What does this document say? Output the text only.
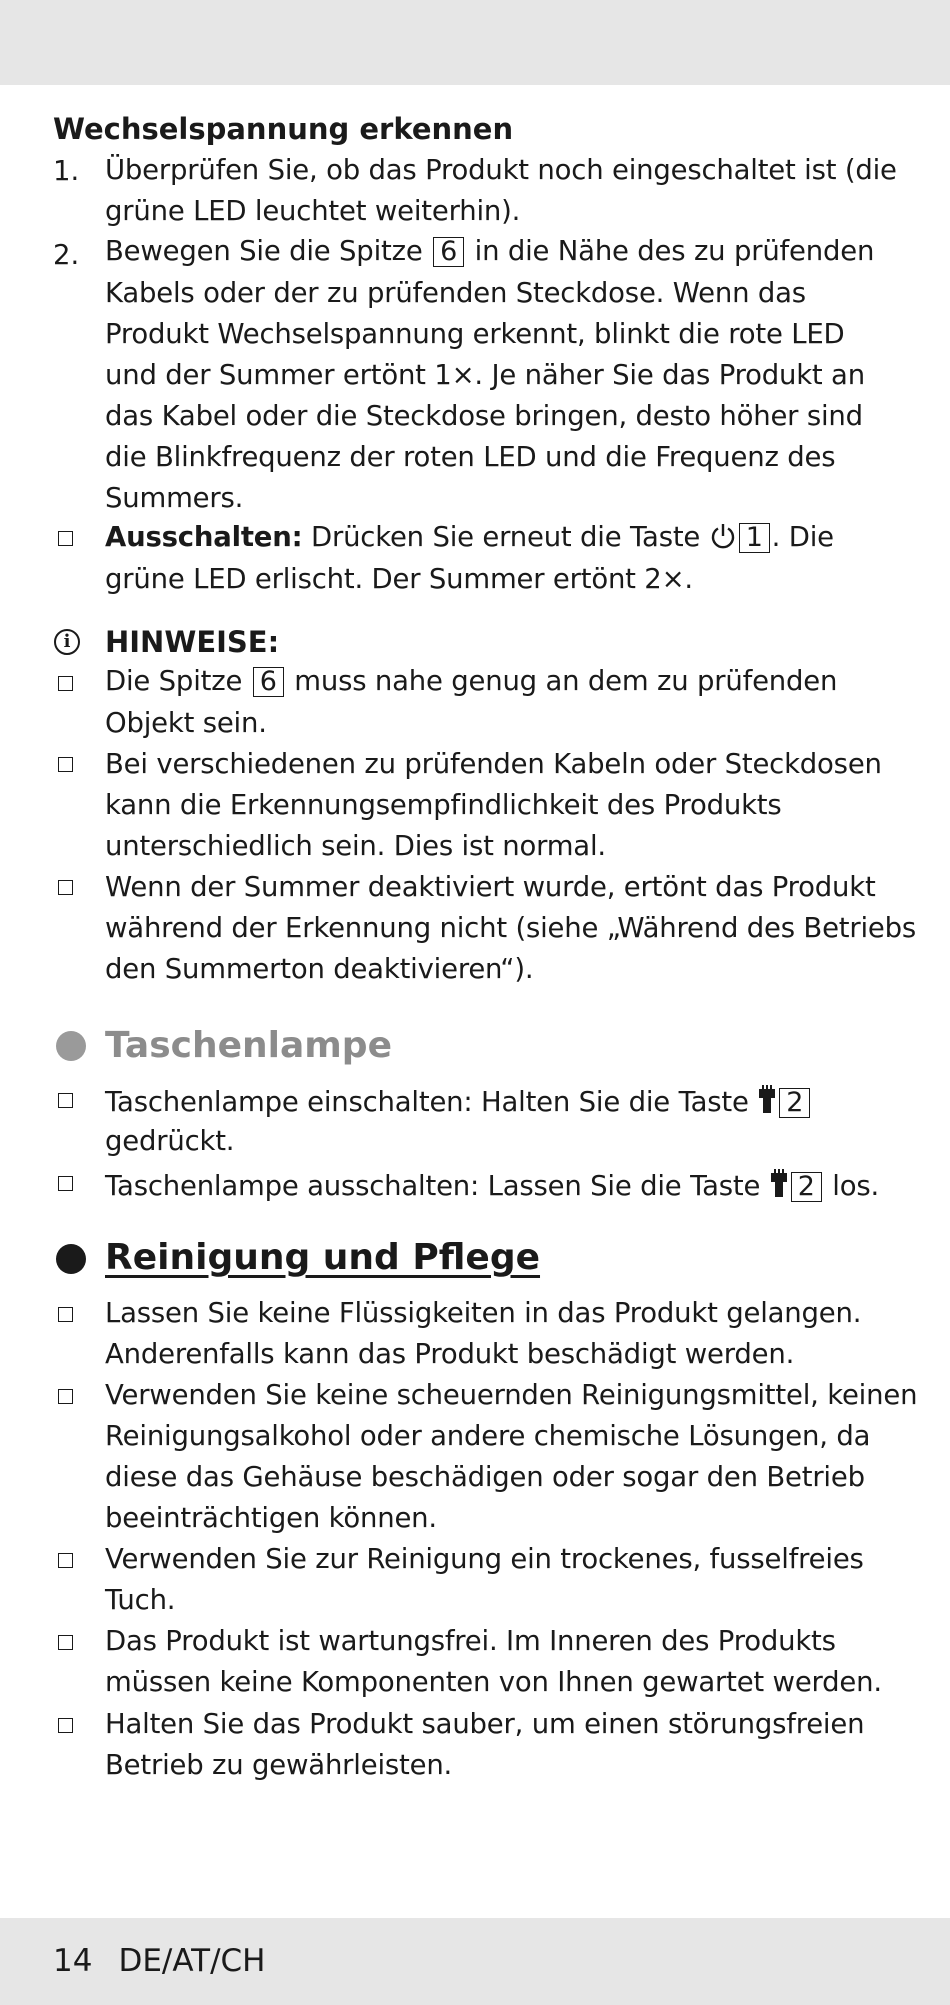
Wechselspannung erkennen
1. Überprüfen Sie, ob das Produkt noch eingeschaltet ist (die
grüne LED leuchtet weiterhin).
2. Bewegen Sie die Spitze 6 in die Nähe des zu prüfenden
Kabels oder der zu prüfenden Steckdose. Wenn das
Produkt Wechselspannung erkennt, blinkt die rote LED
und der Summer ertönt 1×. Je näher Sie das Produkt an
das Kabel oder die Steckdose bringen, desto höher sind
die Blinkfrequenz der roten LED und die Frequenz des
Summers.
Ausschalten: Drücken Sie erneut die Taste 1 . Die
grüne LED erlischt. Der Summer ertönt 2×.
i	HINWEISE:
Die Spitze 6 muss nahe genug an dem zu prüfenden
Objekt sein.
Bei verschiedenen zu prüfenden Kabeln oder Steckdosen
kann die Erkennungsempfindlichkeit des Produkts
unterschiedlich sein. Dies ist normal.
Wenn der Summer deaktiviert wurde, ertönt das Produkt
während der Erkennung nicht (siehe „Während des Betriebs
den Summerton deaktivieren“).
Taschenlampe
Taschenlampe einschalten: Halten Sie die Taste 2
gedrückt.
Taschenlampe ausschalten: Lassen Sie die Taste 2 los.
Reinigung und Pflege
Lassen Sie keine Flüssigkeiten in das Produkt gelangen.
Anderenfalls kann das Produkt beschädigt werden.
Verwenden Sie keine scheuernden Reinigungsmittel, keinen
Reinigungsalkohol oder andere chemische Lösungen, da
diese das Gehäuse beschädigen oder sogar den Betrieb
beeinträchtigen können.
Verwenden Sie zur Reinigung ein trockenes, fusselfreies
Tuch.
Das Produkt ist wartungsfrei. Im Inneren des Produkts
müssen keine Komponenten von Ihnen gewartet werden.
Halten Sie das Produkt sauber, um einen störungsfreien
Betrieb zu gewährleisten.
14 DE/AT/CH
